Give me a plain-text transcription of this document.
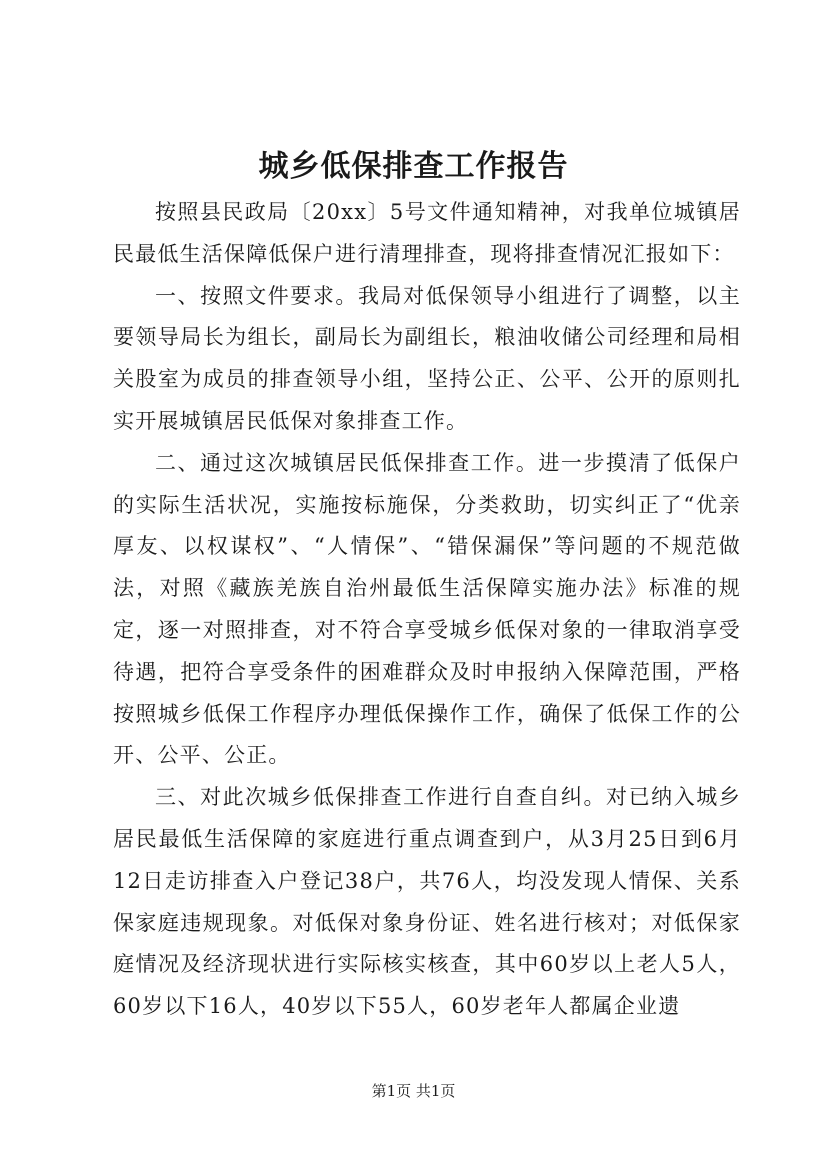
城乡低保排查工作报告

按照县民政局〔20xx〕5号文件通知精神，对我单位城镇居民最低生活保障低保户进行清理排查，现将排查情况汇报如下：

一、按照文件要求。我局对低保领导小组进行了调整，以主要领导局长为组长，副局长为副组长，粮油收储公司经理和局相关股室为成员的排查领导小组，坚持公正、公平、公开的原则扎实开展城镇居民低保对象排查工作。

二、通过这次城镇居民低保排查工作。进一步摸清了低保户的实际生活状况，实施按标施保，分类救助，切实纠正了“优亲厚友、以权谋权”、“人情保”、“错保漏保”等问题的不规范做法，对照《藏族羌族自治州最低生活保障实施办法》标准的规定，逐一对照排查，对不符合享受城乡低保对象的一律取消享受待遇，把符合享受条件的困难群众及时申报纳入保障范围，严格按照城乡低保工作程序办理低保操作工作，确保了低保工作的公开、公平、公正。

三、对此次城乡低保排查工作进行自查自纠。对已纳入城乡居民最低生活保障的家庭进行重点调查到户，从3月25日到6月12日走访排查入户登记38户，共76人，均没发现人情保、关系保家庭违规现象。对低保对象身份证、姓名进行核对；对低保家庭情况及经济现状进行实际核实核查，其中60岁以上老人5人，60岁以下16人，40岁以下55人，60岁老年人都属企业遗

第1页 共1页
